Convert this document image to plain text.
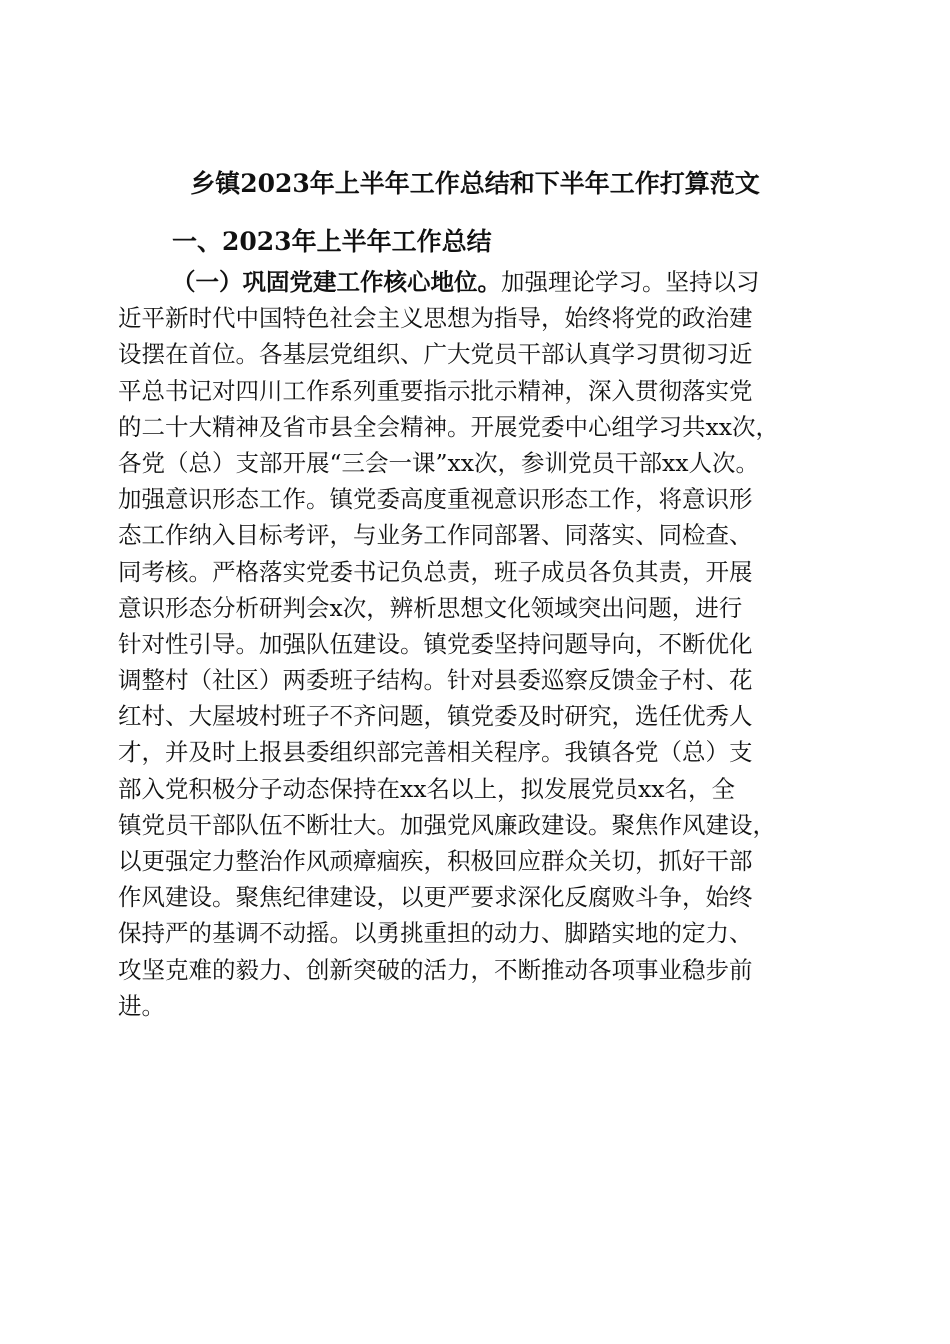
乡镇2023年上半年工作总结和下半年工作打算范文
一、2023年上半年工作总结
（一）巩固党建工作核心地位。加强理论学习。坚持以习
近平新时代中国特色社会主义思想为指导，始终将党的政治建
设摆在首位。各基层党组织、广大党员干部认真学习贯彻习近
平总书记对四川工作系列重要指示批示精神，深入贯彻落实党
的二十大精神及省市县全会精神。开展党委中心组学习共xx次，
各党（总）支部开展“三会一课”xx次，参训党员干部xx人次。
加强意识形态工作。镇党委高度重视意识形态工作，将意识形
态工作纳入目标考评，与业务工作同部署、同落实、同检查、
同考核。严格落实党委书记负总责，班子成员各负其责，开展
意识形态分析研判会x次，辨析思想文化领域突出问题，进行
针对性引导。加强队伍建设。镇党委坚持问题导向，不断优化
调整村（社区）两委班子结构。针对县委巡察反馈金子村、花
红村、大屋坡村班子不齐问题，镇党委及时研究，选任优秀人
才，并及时上报县委组织部完善相关程序。我镇各党（总）支
部入党积极分子动态保持在xx名以上，拟发展党员xx名，全
镇党员干部队伍不断壮大。加强党风廉政建设。聚焦作风建设，
以更强定力整治作风顽瘴痼疾，积极回应群众关切，抓好干部
作风建设。聚焦纪律建设，以更严要求深化反腐败斗争，始终
保持严的基调不动摇。以勇挑重担的动力、脚踏实地的定力、
攻坚克难的毅力、创新突破的活力，不断推动各项事业稳步前
进。
